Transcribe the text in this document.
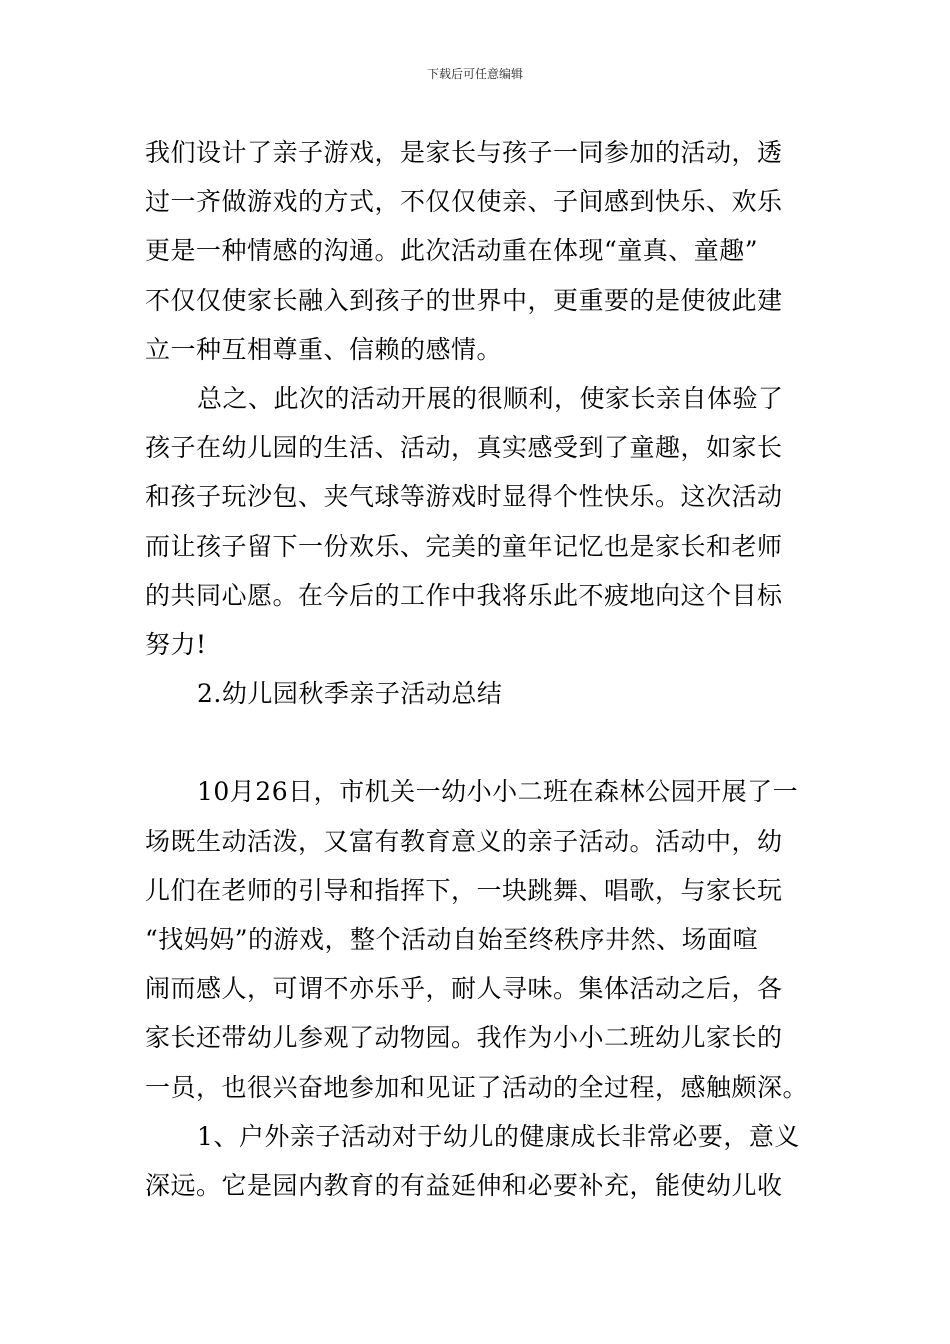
下载后可任意编辑
我们设计了亲子游戏，是家长与孩子一同参加的活动，透
过一齐做游戏的方式，不仅仅使亲、子间感到快乐、欢乐
更是一种情感的沟通。此次活动重在体现“童真、童趣”
不仅仅使家长融入到孩子的世界中，更重要的是使彼此建
立一种互相尊重、信赖的感情。
总之、此次的活动开展的很顺利，使家长亲自体验了
孩子在幼儿园的生活、活动，真实感受到了童趣，如家长
和孩子玩沙包、夹气球等游戏时显得个性快乐。这次活动
而让孩子留下一份欢乐、完美的童年记忆也是家长和老师
的共同心愿。在今后的工作中我将乐此不疲地向这个目标
努力!
2.幼儿园秋季亲子活动总结
10月26日，市机关一幼小小二班在森林公园开展了一
场既生动活泼，又富有教育意义的亲子活动。活动中，幼
儿们在老师的引导和指挥下，一块跳舞、唱歌，与家长玩
“找妈妈”的游戏，整个活动自始至终秩序井然、场面喧
闹而感人，可谓不亦乐乎，耐人寻味。集体活动之后，各
家长还带幼儿参观了动物园。我作为小小二班幼儿家长的
一员，也很兴奋地参加和见证了活动的全过程，感触颇深。
1、户外亲子活动对于幼儿的健康成长非常必要，意义
深远。它是园内教育的有益延伸和必要补充，能使幼儿收
